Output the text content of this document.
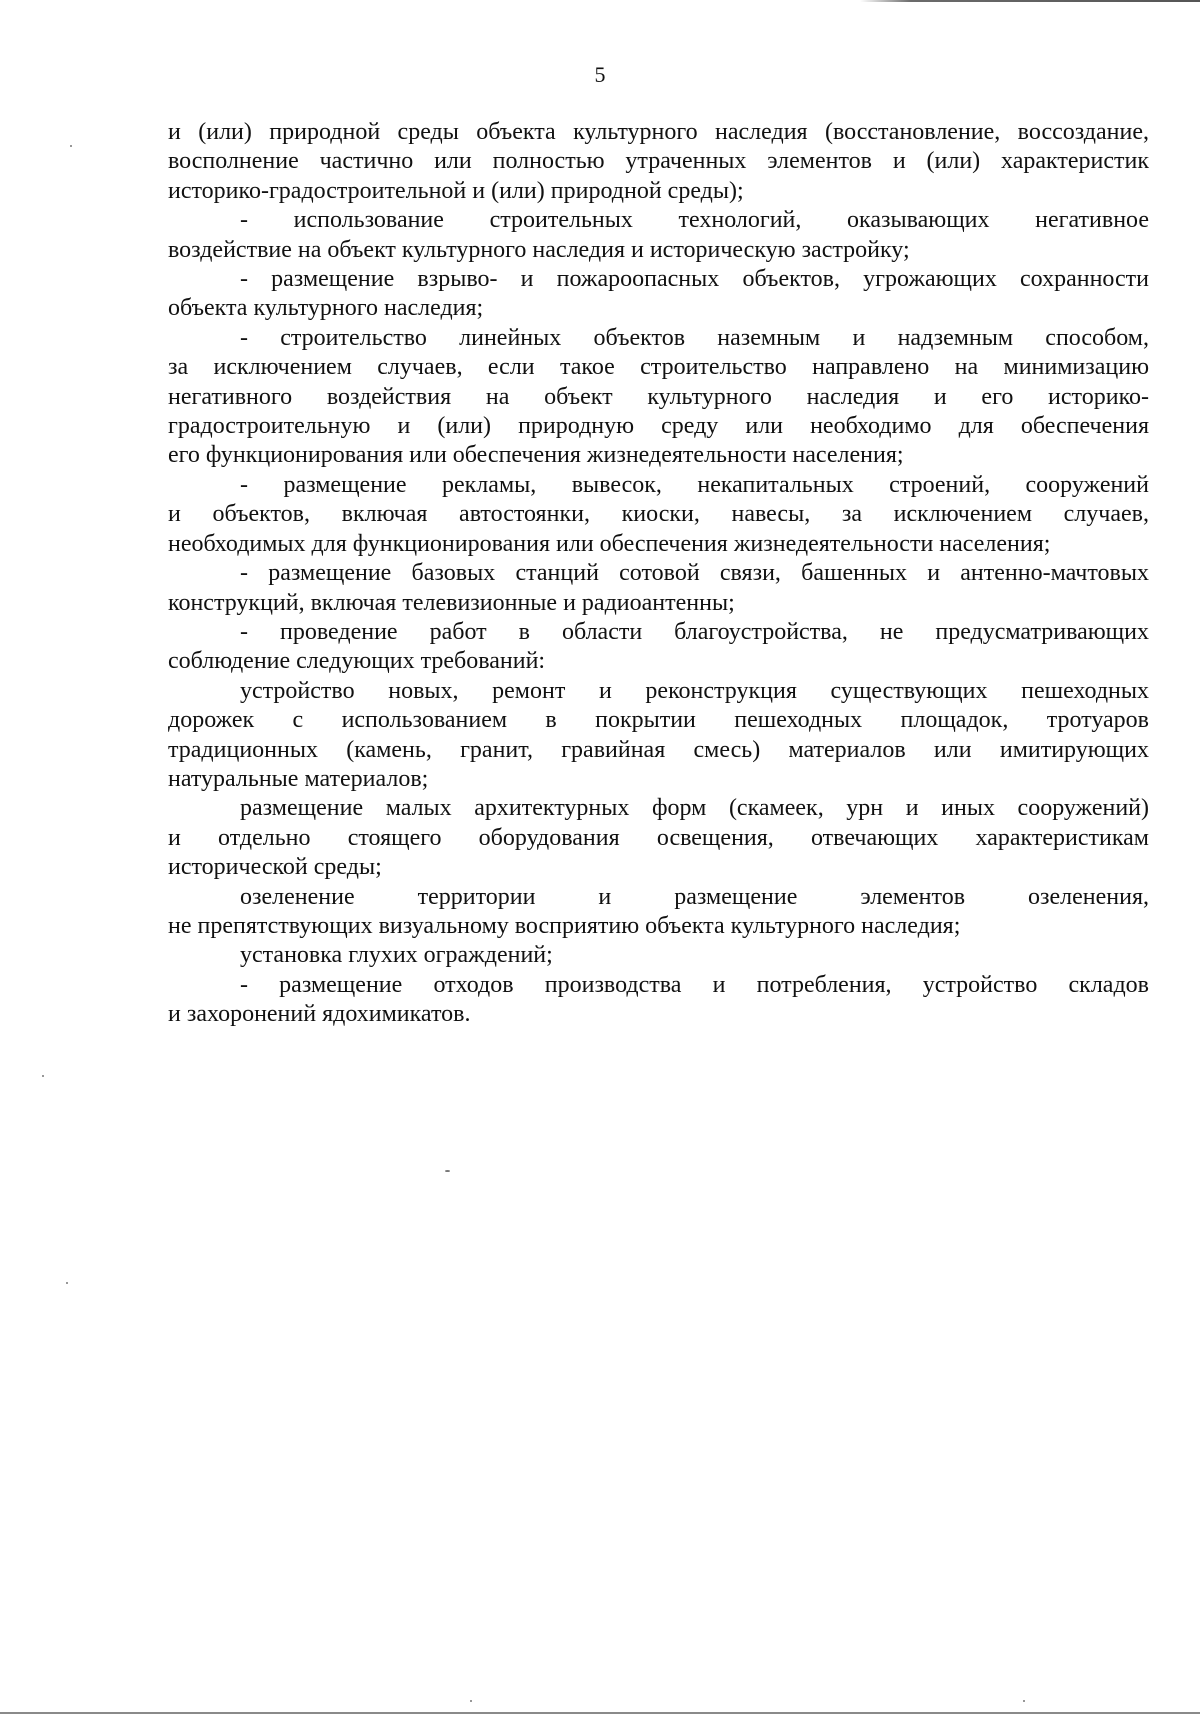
5
и (или) природной среды объекта культурного наследия (восстановление, воссоздание,
восполнение частично или полностью утраченных элементов и (или) характеристик
историко-градостроительной и (или) природной среды);
- использование строительных технологий, оказывающих негативное
воздействие на объект культурного наследия и историческую застройку;
- размещение взрыво- и пожароопасных объектов, угрожающих сохранности
объекта культурного наследия;
- строительство линейных объектов наземным и надземным способом,
за исключением случаев, если такое строительство направлено на минимизацию
негативного воздействия на объект культурного наследия и его историко-
градостроительную и (или) природную среду или необходимо для обеспечения
его функционирования или обеспечения жизнедеятельности населения;
- размещение рекламы, вывесок, некапитальных строений, сооружений
и объектов, включая автостоянки, киоски, навесы, за исключением случаев,
необходимых для функционирования или обеспечения жизнедеятельности населения;
- размещение базовых станций сотовой связи, башенных и антенно-мачтовых
конструкций, включая телевизионные и радиоантенны;
- проведение работ в области благоустройства, не предусматривающих
соблюдение следующих требований:
устройство новых, ремонт и реконструкция существующих пешеходных
дорожек с использованием в покрытии пешеходных площадок, тротуаров
традиционных (камень, гранит, гравийная смесь) материалов или имитирующих
натуральные материалов;
размещение малых архитектурных форм (скамеек, урн и иных сооружений)
и отдельно стоящего оборудования освещения, отвечающих характеристикам
исторической среды;
озеленение территории и размещение элементов озеленения,
не препятствующих визуальному восприятию объекта культурного наследия;
установка глухих ограждений;
- размещение отходов производства и потребления, устройство складов
и захоронений ядохимикатов.
